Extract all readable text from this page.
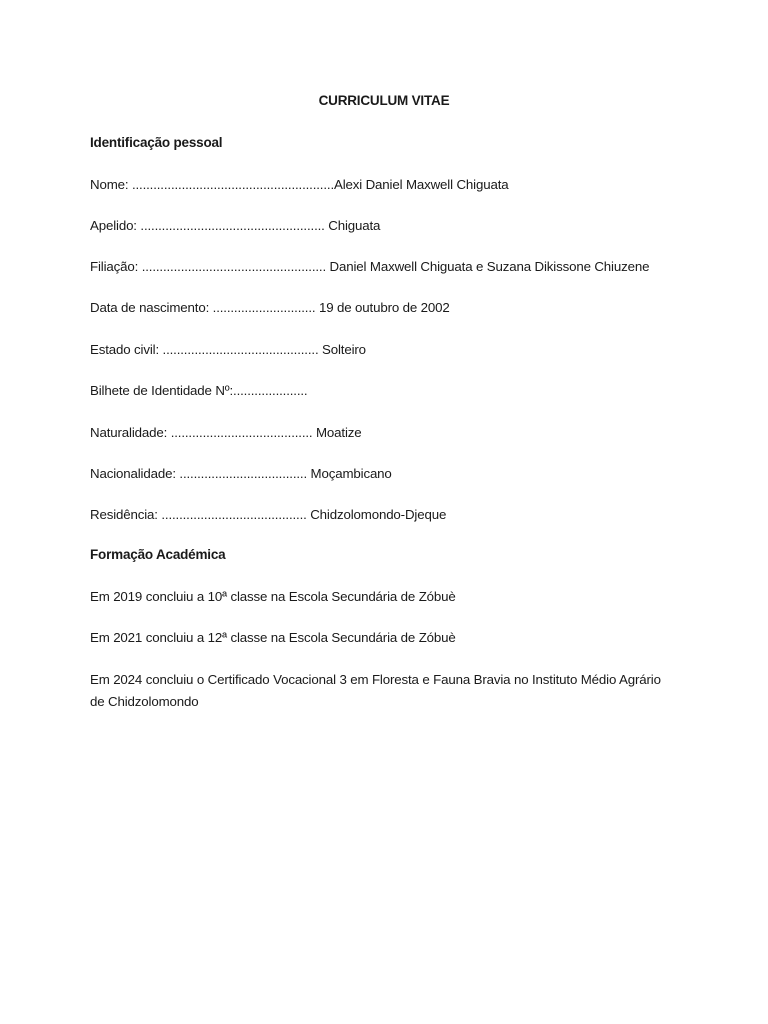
CURRICULUM VITAE
Identificação pessoal
Nome: .........................................................Alexi Daniel Maxwell Chiguata
Apelido: .................................................... Chiguata
Filiação: .................................................... Daniel Maxwell Chiguata e Suzana Dikissone Chiuzene
Data de nascimento: ............................. 19 de outubro de 2002
Estado civil: ............................................ Solteiro
Bilhete de Identidade Nº:.....................
Naturalidade: ........................................ Moatize
Nacionalidade: .................................... Moçambicano
Residência: ......................................... Chidzolomondo-Djeque
Formação Académica
Em 2019 concluiu a 10ª classe na Escola Secundária de Zóbuè
Em 2021 concluiu a 12ª classe na Escola Secundária de Zóbuè
Em 2024 concluiu o Certificado Vocacional 3 em Floresta e Fauna Bravia no Instituto Médio Agrário de Chidzolomondo
